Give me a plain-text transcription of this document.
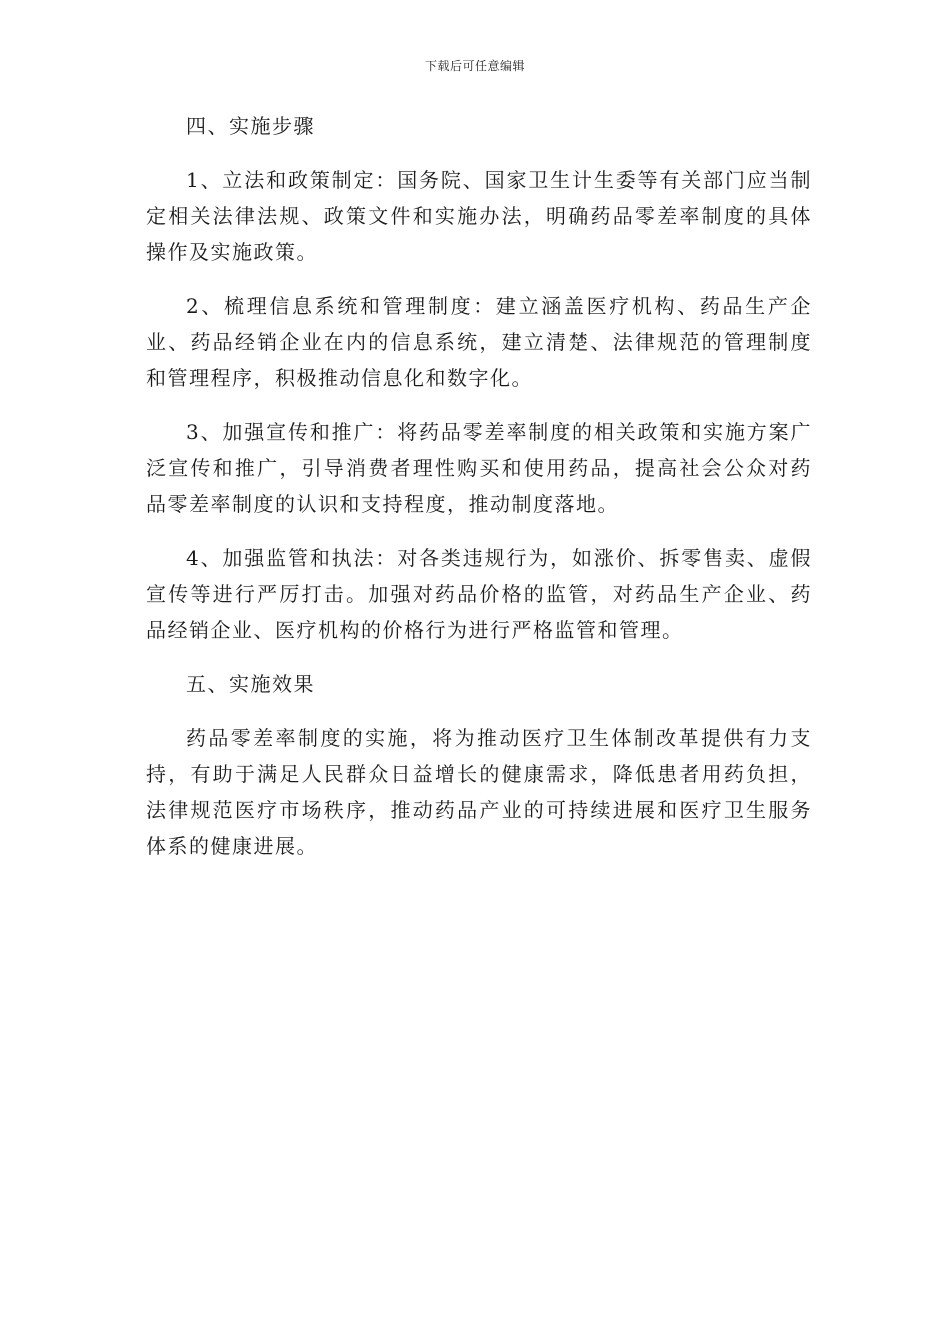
下载后可任意编辑

四、实施步骤

1、立法和政策制定：国务院、国家卫生计生委等有关部门应当制定相关法律法规、政策文件和实施办法，明确药品零差率制度的具体操作及实施政策。

2、梳理信息系统和管理制度：建立涵盖医疗机构、药品生产企业、药品经销企业在内的信息系统，建立清楚、法律规范的管理制度和管理程序，积极推动信息化和数字化。

3、加强宣传和推广：将药品零差率制度的相关政策和实施方案广泛宣传和推广，引导消费者理性购买和使用药品，提高社会公众对药品零差率制度的认识和支持程度，推动制度落地。

4、加强监管和执法：对各类违规行为，如涨价、拆零售卖、虚假宣传等进行严厉打击。加强对药品价格的监管，对药品生产企业、药品经销企业、医疗机构的价格行为进行严格监管和管理。

五、实施效果

药品零差率制度的实施，将为推动医疗卫生体制改革提供有力支持，有助于满足人民群众日益增长的健康需求，降低患者用药负担，法律规范医疗市场秩序，推动药品产业的可持续进展和医疗卫生服务体系的健康进展。
